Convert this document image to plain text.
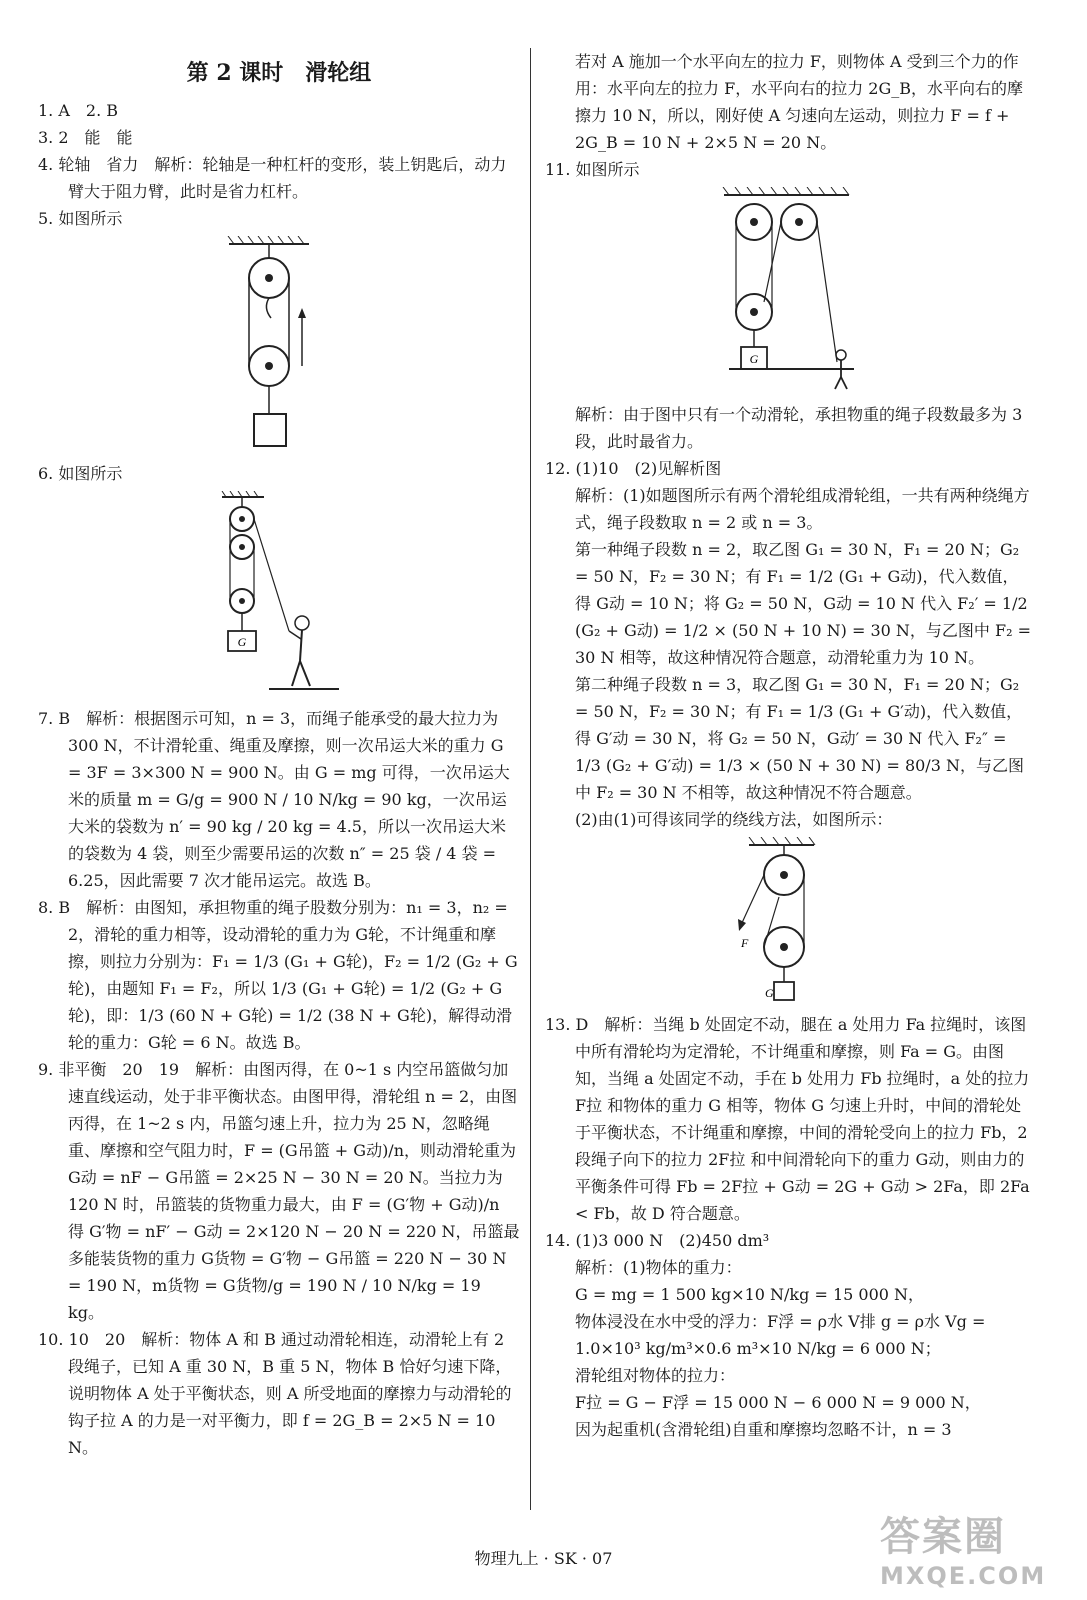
第 2 课时　滑轮组

1. A　2. B

3. 2　能　能

4. 轮轴　省力　解析：轮轴是一种杠杆的变形，装上钥匙后，动力臂大于阻力臂，此时是省力杠杆。

5. 如图所示

6. 如图所示

G

7. B　解析：根据图示可知，n = 3，而绳子能承受的最大拉力为 300 N，不计滑轮重、绳重及摩擦，则一次吊运大米的重力 G = 3F = 3×300 N = 900 N。由 G = mg 可得，一次吊运大米的质量 m = G/g = 900 N / 10 N/kg = 90 kg，一次吊运大米的袋数为 n′ = 90 kg / 20 kg = 4.5，所以一次吊运大米的袋数为 4 袋，则至少需要吊运的次数 n″ = 25 袋 / 4 袋 = 6.25，因此需要 7 次才能吊运完。故选 B。

8. B　解析：由图知，承担物重的绳子股数分别为：n₁ = 3，n₂ = 2，滑轮的重力相等，设动滑轮的重力为 G轮，不计绳重和摩擦，则拉力分别为：F₁ = 1/3 (G₁ + G轮)，F₂ = 1/2 (G₂ + G轮)，由题知 F₁ = F₂，所以 1/3 (G₁ + G轮) = 1/2 (G₂ + G轮)，即：1/3 (60 N + G轮) = 1/2 (38 N + G轮)，解得动滑轮的重力：G轮 = 6 N。故选 B。

9. 非平衡　20　19　解析：由图丙得，在 0~1 s 内空吊篮做匀加速直线运动，处于非平衡状态。由图甲得，滑轮组 n = 2，由图丙得，在 1~2 s 内，吊篮匀速上升，拉力为 25 N，忽略绳重、摩擦和空气阻力时，F = (G吊篮 + G动)/n，则动滑轮重为 G动 = nF − G吊篮 = 2×25 N − 30 N = 20 N。当拉力为 120 N 时，吊篮装的货物重力最大，由 F = (G′物 + G动)/n 得 G′物 = nF′ − G动 = 2×120 N − 20 N = 220 N，吊篮最多能装货物的重力 G货物 = G′物 − G吊篮 = 220 N − 30 N = 190 N，m货物 = G货物/g = 190 N / 10 N/kg = 19 kg。

10. 10　20　解析：物体 A 和 B 通过动滑轮相连，动滑轮上有 2 段绳子，已知 A 重 30 N，B 重 5 N，物体 B 恰好匀速下降，说明物体 A 处于平衡状态，则 A 所受地面的摩擦力与动滑轮的钩子拉 A 的力是一对平衡力，即 f = 2G_B = 2×5 N = 10 N。

若对 A 施加一个水平向左的拉力 F，则物体 A 受到三个力的作用：水平向左的拉力 F，水平向右的拉力 2G_B，水平向右的摩擦力 10 N，所以，刚好使 A 匀速向左运动，则拉力 F = f + 2G_B = 10 N + 2×5 N = 20 N。

11. 如图所示

G

解析：由于图中只有一个动滑轮，承担物重的绳子段数最多为 3 段，此时最省力。

12. (1)10　(2)见解析图

解析：(1)如题图所示有两个滑轮组成滑轮组，一共有两种绕绳方式，绳子段数取 n = 2 或 n = 3。

第一种绳子段数 n = 2，取乙图 G₁ = 30 N，F₁ = 20 N；G₂ = 50 N，F₂ = 30 N；有 F₁ = 1/2 (G₁ + G动)，代入数值，得 G动 = 10 N；将 G₂ = 50 N，G动 = 10 N 代入 F₂′ = 1/2 (G₂ + G动) = 1/2 × (50 N + 10 N) = 30 N，与乙图中 F₂ = 30 N 相等，故这种情况符合题意，动滑轮重力为 10 N。

第二种绳子段数 n = 3，取乙图 G₁ = 30 N，F₁ = 20 N；G₂ = 50 N，F₂ = 30 N；有 F₁ = 1/3 (G₁ + G′动)，代入数值，得 G′动 = 30 N，将 G₂ = 50 N，G动′ = 30 N 代入 F₂″ = 1/3 (G₂ + G′动) = 1/3 × (50 N + 30 N) = 80/3 N，与乙图中 F₂ = 30 N 不相等，故这种情况不符合题意。

(2)由(1)可得该同学的绕线方法，如图所示：

F
G

13. D　解析：当绳 b 处固定不动，腿在 a 处用力 Fa 拉绳时，该图中所有滑轮均为定滑轮，不计绳重和摩擦，则 Fa = G。由图知，当绳 a 处固定不动，手在 b 处用力 Fb 拉绳时，a 处的拉力 F拉 和物体的重力 G 相等，物体 G 匀速上升时，中间的滑轮处于平衡状态，不计绳重和摩擦，中间的滑轮受向上的拉力 Fb，2 段绳子向下的拉力 2F拉 和中间滑轮向下的重力 G动，则由力的平衡条件可得 Fb = 2F拉 + G动 = 2G + G动 > 2Fa，即 2Fa < Fb，故 D 符合题意。

14. (1)3 000 N　(2)450 dm³

解析：(1)物体的重力：

G = mg = 1 500 kg×10 N/kg = 15 000 N，

物体浸没在水中受的浮力：F浮 = ρ水 V排 g = ρ水 Vg = 1.0×10³ kg/m³×0.6 m³×10 N/kg = 6 000 N；

滑轮组对物体的拉力：

F拉 = G − F浮 = 15 000 N − 6 000 N = 9 000 N，

因为起重机(含滑轮组)自重和摩擦均忽略不计，n = 3

物理九上 · SK · 07	答案圈
MXQE.COM
